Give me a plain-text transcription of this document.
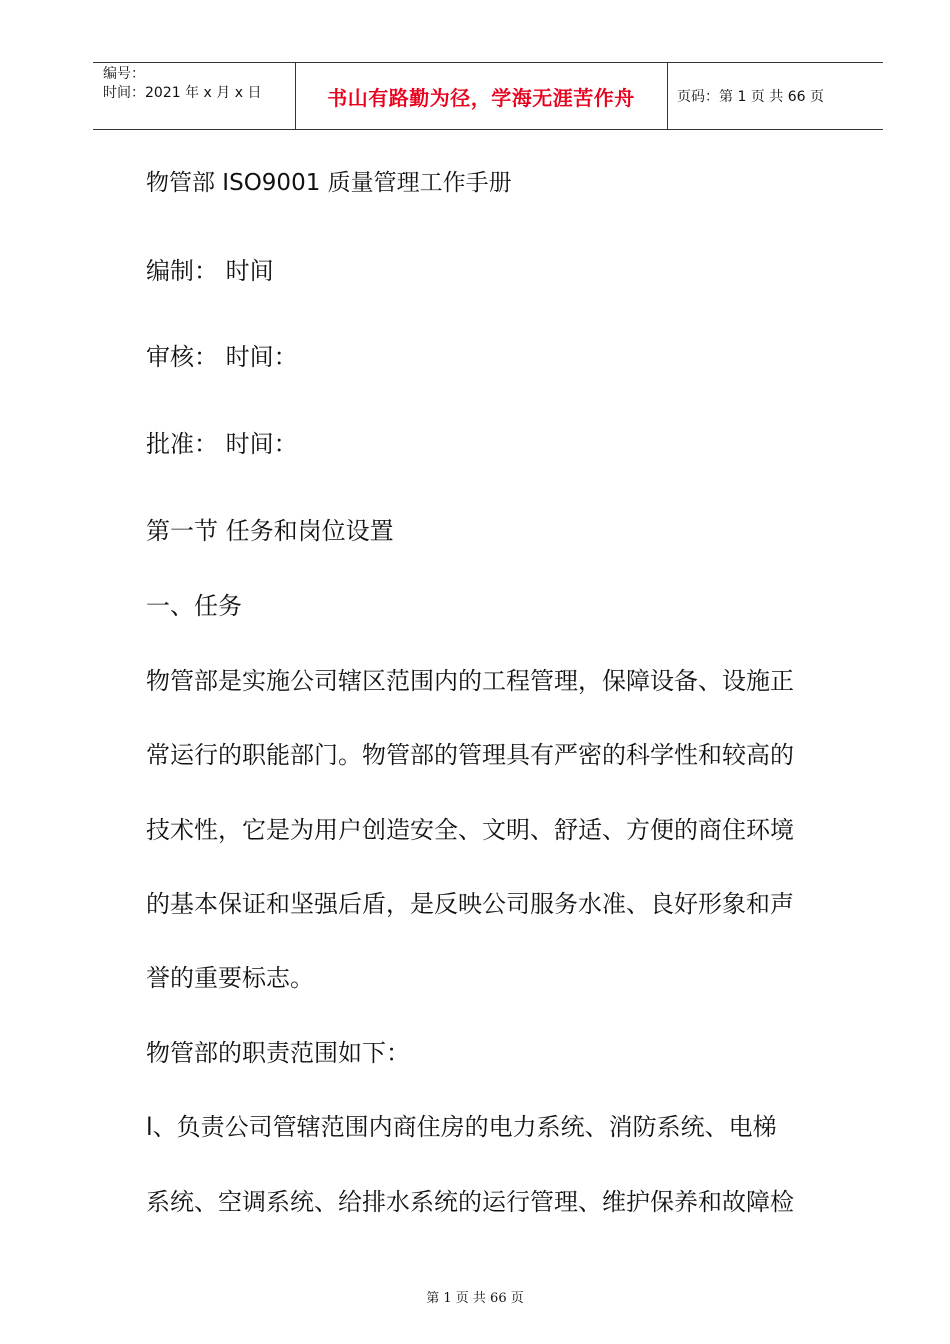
编号：
时间：2021 年 x 月 x 日	书山有路勤为径，学海无涯苦作舟	页码：第 1 页 共 66 页
物管部 ISO9001 质量管理工作手册
编制： 时间
审核： 时间：
批准： 时间：
第一节 任务和岗位设置
一、任务
物管部是实施公司辖区范围内的工程管理，保障设备、设施正
常运行的职能部门。物管部的管理具有严密的科学性和较高的
技术性，它是为用户创造安全、文明、舒适、方便的商住环境
的基本保证和坚强后盾，是反映公司服务水准、良好形象和声
誉的重要标志。
物管部的职责范围如下：
l、负责公司管辖范围内商住房的电力系统、消防系统、电梯
系统、空调系统、给排水系统的运行管理、维护保养和故障检
第 1 页 共 66 页
